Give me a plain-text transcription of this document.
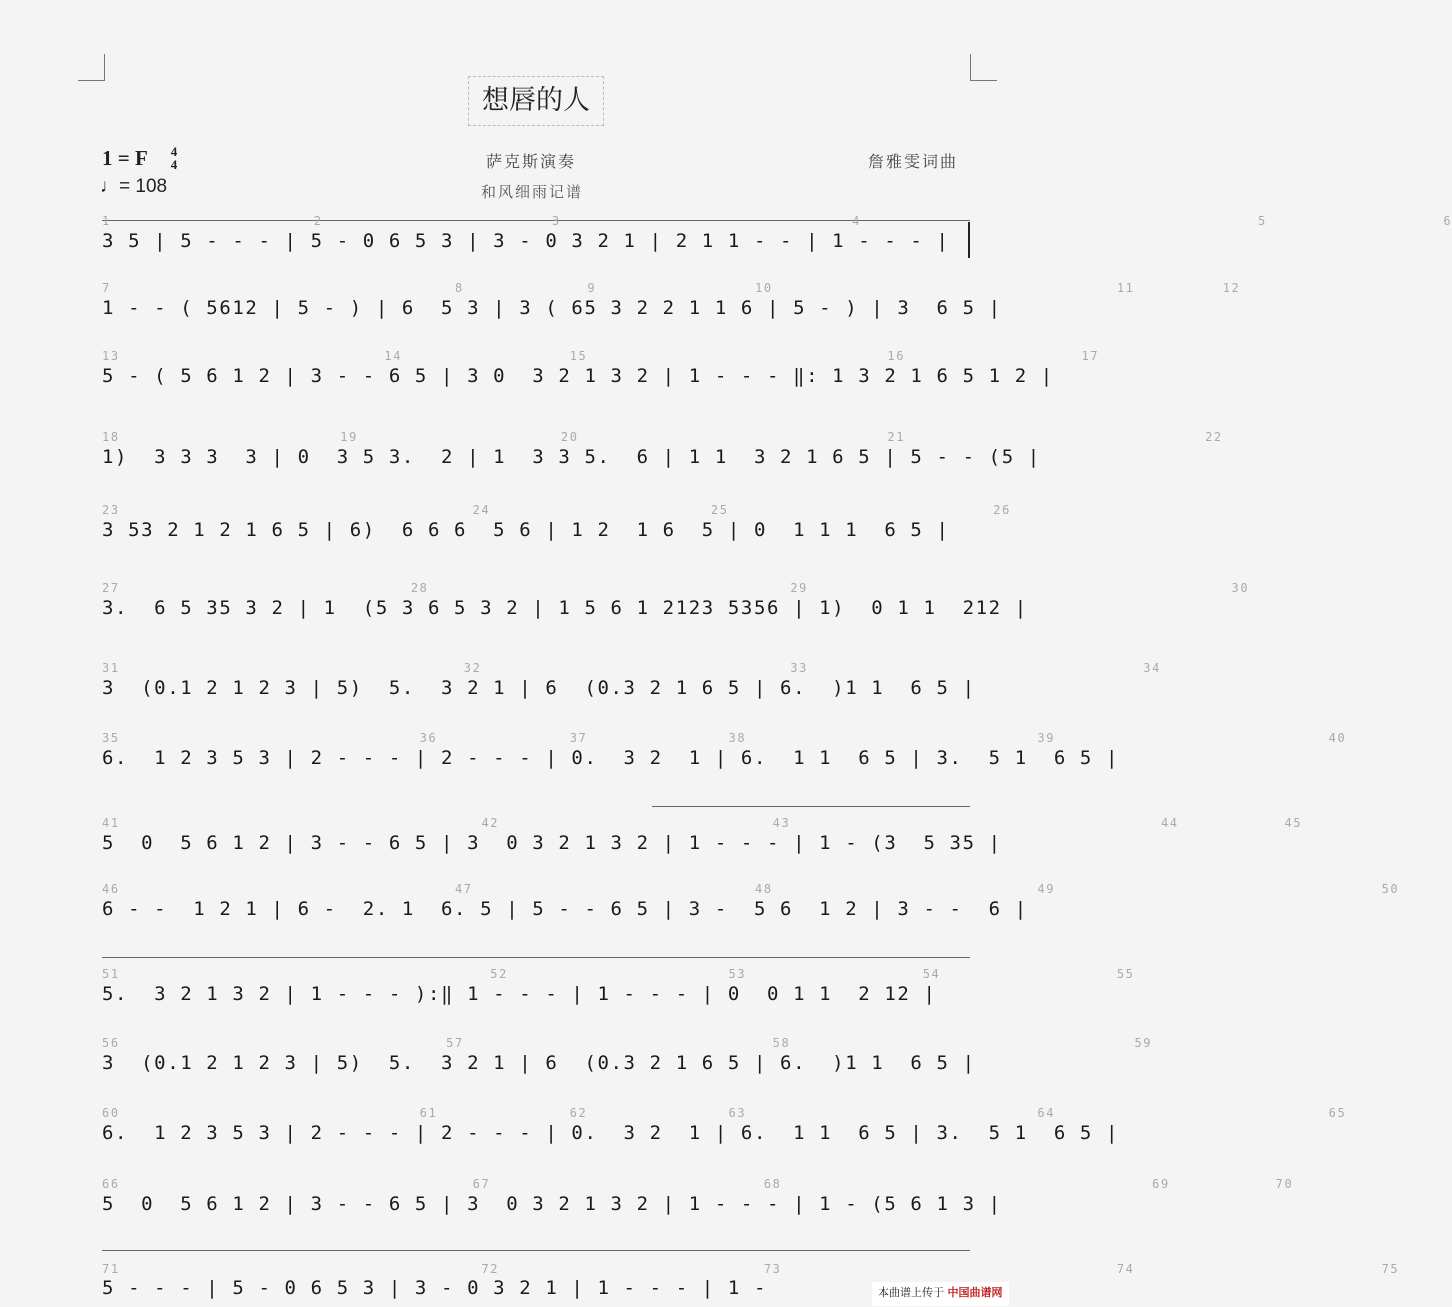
想唇的人
1 = F	4
4
♩= 108
萨克斯演奏
和风细雨记谱
詹雅雯词曲
1                       2                          3                                 4                                             5                    6
3 5 | 5 - - - | 5 - 0 6 5 3 | 3 - 0 3 2 1 | 2 1 1 - - | 1 - - - |
7                                       8              9                  10                                       11          12
1 - - ( 5612 | 5 - ) | 6  5 3 | 3 ( 65 3 2 2 1 1 6 | 5 - ) | 3  6 5 |
13                              14                   15                                  16                    17
5 - ( 5 6 1 2 | 3 - - 6 5 | 3 0  3 2 1 3 2 | 1 - - - ‖: 1 3 2 1 6 5 1 2 |
18                         19                       20                                   21                                  22
1)  3 3 3  3 | 0  3 5 3.  2 | 1  3 3 5.  6 | 1 1  3 2 1 6 5 | 5 - - (5 |
23                                        24                         25                              26
3 53 2 1 2 1 6 5 | 6)  6 6 6  5 6 | 1 2  1 6  5 | 0  1 1 1  6 5 |
27                                 28                                         29                                                30
3.  6 5 35 3 2 | 1  (5 3 6 5 3 2 | 1 5 6 1 2123 5356 | 1)  0 1 1  212 |
31                                       32                                   33                                      34
3  (0.1 2 1 2 3 | 5)  5.  3 2 1 | 6  (0.3 2 1 6 5 | 6.  )1 1  6 5 |
35                                  36               37                38                                 39                               40
6.  1 2 3 5 3 | 2 - - - | 2 - - - | 0.  3 2  1 | 6.  1 1  6 5 | 3.  5 1  6 5 |
41                                         42                               43                                          44            45
5  0  5 6 1 2 | 3 - - 6 5 | 3  0 3 2 1 3 2 | 1 - - - | 1 - (3  5 35 |
46                                      47                                48                              49                                     50
6 - -  1 2 1 | 6 -  2. 1  6. 5 | 5 - - 6 5 | 3 -  5 6  1 2 | 3 - -  6 |
51                                          52                         53                    54                    55
5.  3 2 1 3 2 | 1 - - - ):‖ 1 - - - | 1 - - - | 0  0 1 1  2 12 |
56                                     57                                   58                                       59
3  (0.1 2 1 2 3 | 5)  5.  3 2 1 | 6  (0.3 2 1 6 5 | 6.  )1 1  6 5 |
60                                  61               62                63                                 64                               65
6.  1 2 3 5 3 | 2 - - - | 2 - - - | 0.  3 2  1 | 6.  1 1  6 5 | 3.  5 1  6 5 |
66                                        67                               68                                          69            70
5  0  5 6 1 2 | 3 - - 6 5 | 3  0 3 2 1 3 2 | 1 - - - | 1 - (5 6 1 3 |
71                                         72                              73                                      74                            75
5 - - - | 5 - 0 6 5 3 | 3 - 0 3 2 1 | 1 - - - | 1 -	本曲谱上传于 中国曲谱网
